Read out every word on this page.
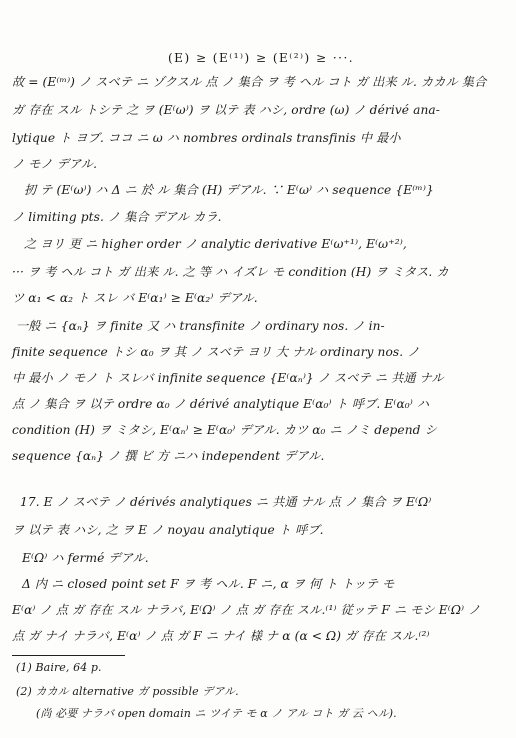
(E) ≥ (E⁽¹⁾) ≥ (E⁽²⁾) ≥ ···.
故 = (E⁽ᵐ⁾) ノ スベテ ニ ゾクスル 点 ノ 集合 ヲ 考 ヘル コト ガ 出来 ル. カカル 集合
ガ 存在 スル トシテ 之 ヲ (E⁽ω⁾) ヲ 以テ 表 ハシ, ordre (ω) ノ dérivé ana-
lytique ト ヨブ. ココ ニ ω ハ nombres ordinals transfinis 中 最小
ノ モノ デアル.
扨 テ (E⁽ω⁾) ハ Δ ニ 於 ル 集合 (H) デアル. ∵ E⁽ω⁾ ハ sequence {E⁽ᵐ⁾}
ノ limiting pts. ノ 集合 デアル カラ.
之 ヨリ 更 ニ higher order ノ analytic derivative E⁽ω⁺¹⁾, E⁽ω⁺²⁾,
··· ヲ 考 ヘル コト ガ 出来 ル. 之 等 ハ イズレ モ condition (H) ヲ ミタス. カ
ツ α₁ < α₂ ト スレ バ E⁽α₁⁾ ≥ E⁽α₂⁾ デアル.
一般 ニ {αₙ} ヲ finite 又 ハ transfinite ノ ordinary nos. ノ in-
finite sequence トシ α₀ ヲ 其 ノ スベテ ヨリ 大 ナル ordinary nos. ノ
中 最小 ノ モノ ト スレバ infinite sequence {E⁽αₙ⁾} ノ スベテ ニ 共通 ナル
点 ノ 集合 ヲ 以テ ordre α₀ ノ dérivé analytique E⁽α₀⁾ ト 呼ブ. E⁽α₀⁾ ハ
condition (H) ヲ ミタシ, E⁽αₙ⁾ ≥ E⁽α₀⁾ デアル. カツ α₀ ニ ノミ depend シ
sequence {αₙ} ノ 撰 ビ 方 ニハ independent デアル.
17. E ノ スベテ ノ dérivés analytiques ニ 共通 ナル 点 ノ 集合 ヲ E⁽Ω⁾
ヲ 以テ 表 ハシ, 之 ヲ E ノ noyau analytique ト 呼ブ.
E⁽Ω⁾ ハ fermé デアル.
Δ 内 ニ closed point set F ヲ 考 ヘル. F ニ, α ヲ 何 ト トッテ モ
E⁽α⁾ ノ 点 ガ 存在 スル ナラバ, E⁽Ω⁾ ノ 点 ガ 存在 スル.⁽¹⁾ 従ッテ F ニ モシ E⁽Ω⁾ ノ
点 ガ ナイ ナラバ, E⁽α⁾ ノ 点 ガ F ニ ナイ 様 ナ α (α < Ω) ガ 存在 スル.⁽²⁾
(1) Baire, 64 p.
(2) カカル alternative ガ possible デアル.
(尚 必要 ナラバ open domain ニ ツイテ モ α ノ アル コト ガ 云 ヘル).
